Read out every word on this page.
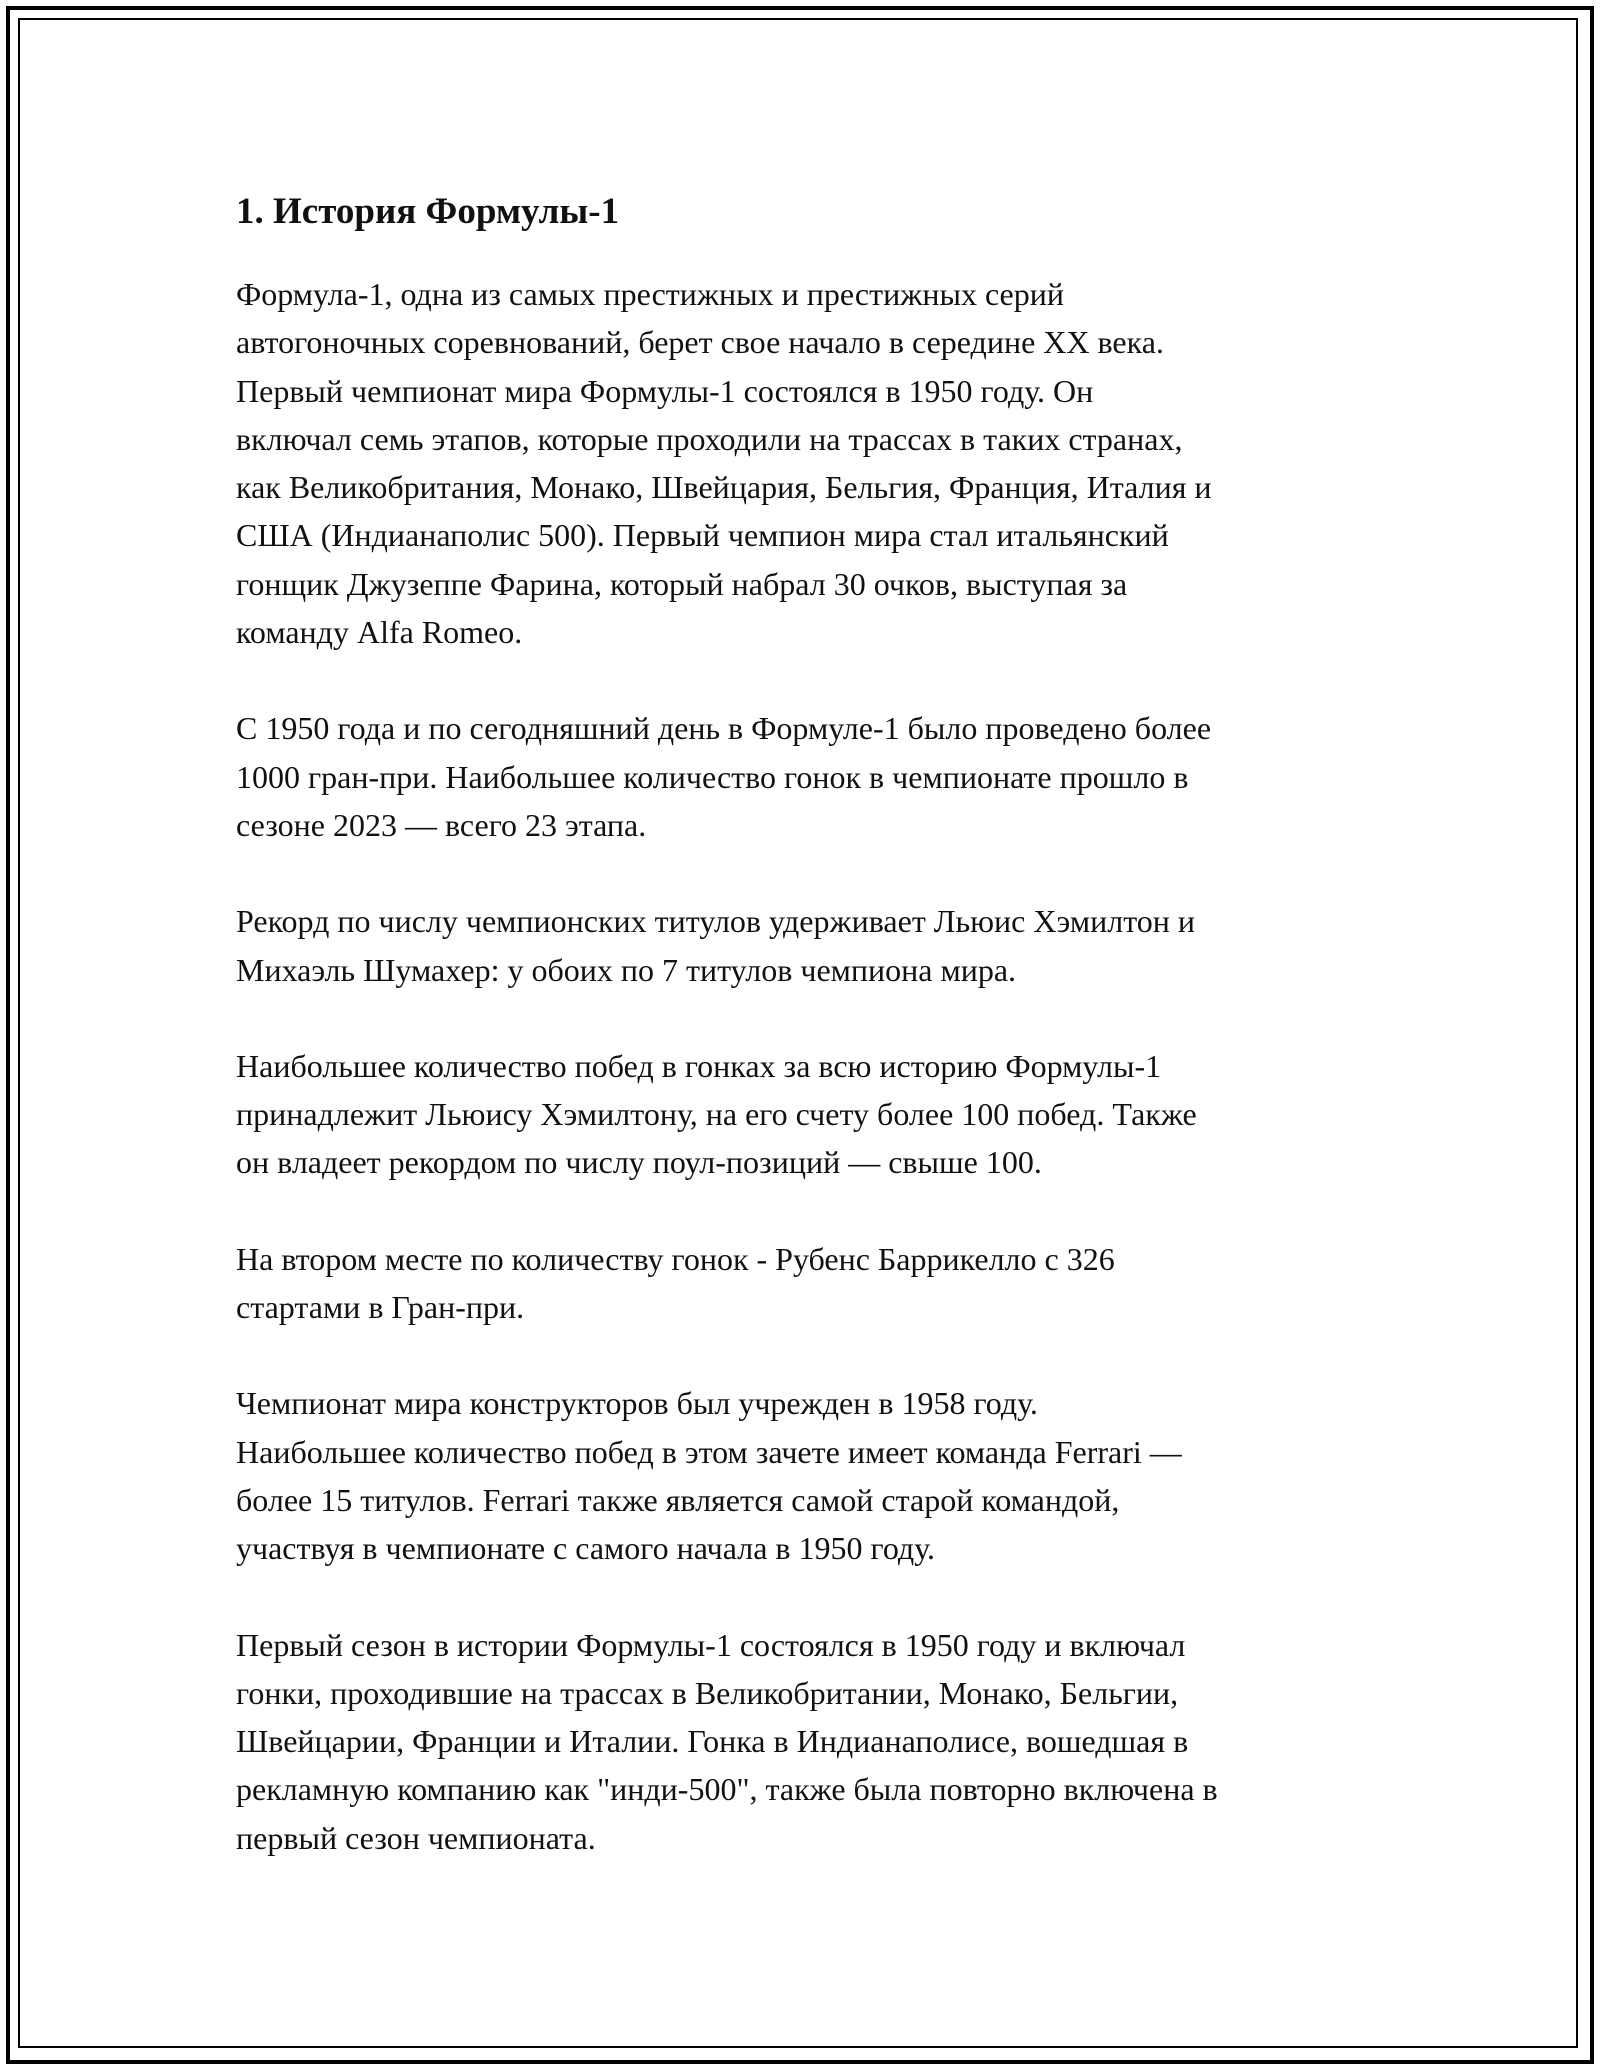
1. История Формулы-1
Формула-1, одна из самых престижных и престижных серий
автогоночных соревнований, берет свое начало в середине XX века.
Первый чемпионат мира Формулы-1 состоялся в 1950 году. Он
включал семь этапов, которые проходили на трассах в таких странах,
как Великобритания, Монако, Швейцария, Бельгия, Франция, Италия и
США (Индианаполис 500). Первый чемпион мира стал итальянский
гонщик Джузеппе Фарина, который набрал 30 очков, выступая за
команду Alfa Romeo.
С 1950 года и по сегодняшний день в Формуле-1 было проведено более
1000 гран-при. Наибольшее количество гонок в чемпионате прошло в
сезоне 2023 — всего 23 этапа.
Рекорд по числу чемпионских титулов удерживает Льюис Хэмилтон и
Михаэль Шумахер: у обоих по 7 титулов чемпиона мира.
Наибольшее количество побед в гонках за всю историю Формулы-1
принадлежит Льюису Хэмилтону, на его счету более 100 побед. Также
он владеет рекордом по числу поул-позиций — свыше 100.
На втором месте по количеству гонок - Рубенс Баррикелло с 326
стартами в Гран-при.
Чемпионат мира конструкторов был учрежден в 1958 году.
Наибольшее количество побед в этом зачете имеет команда Ferrari —
более 15 титулов. Ferrari также является самой старой командой,
участвуя в чемпионате с самого начала в 1950 году.
Первый сезон в истории Формулы-1 состоялся в 1950 году и включал
гонки, проходившие на трассах в Великобритании, Монако, Бельгии,
Швейцарии, Франции и Италии. Гонка в Индианаполисе, вошедшая в
рекламную компанию как "инди-500", также была повторно включена в
первый сезон чемпионата.
